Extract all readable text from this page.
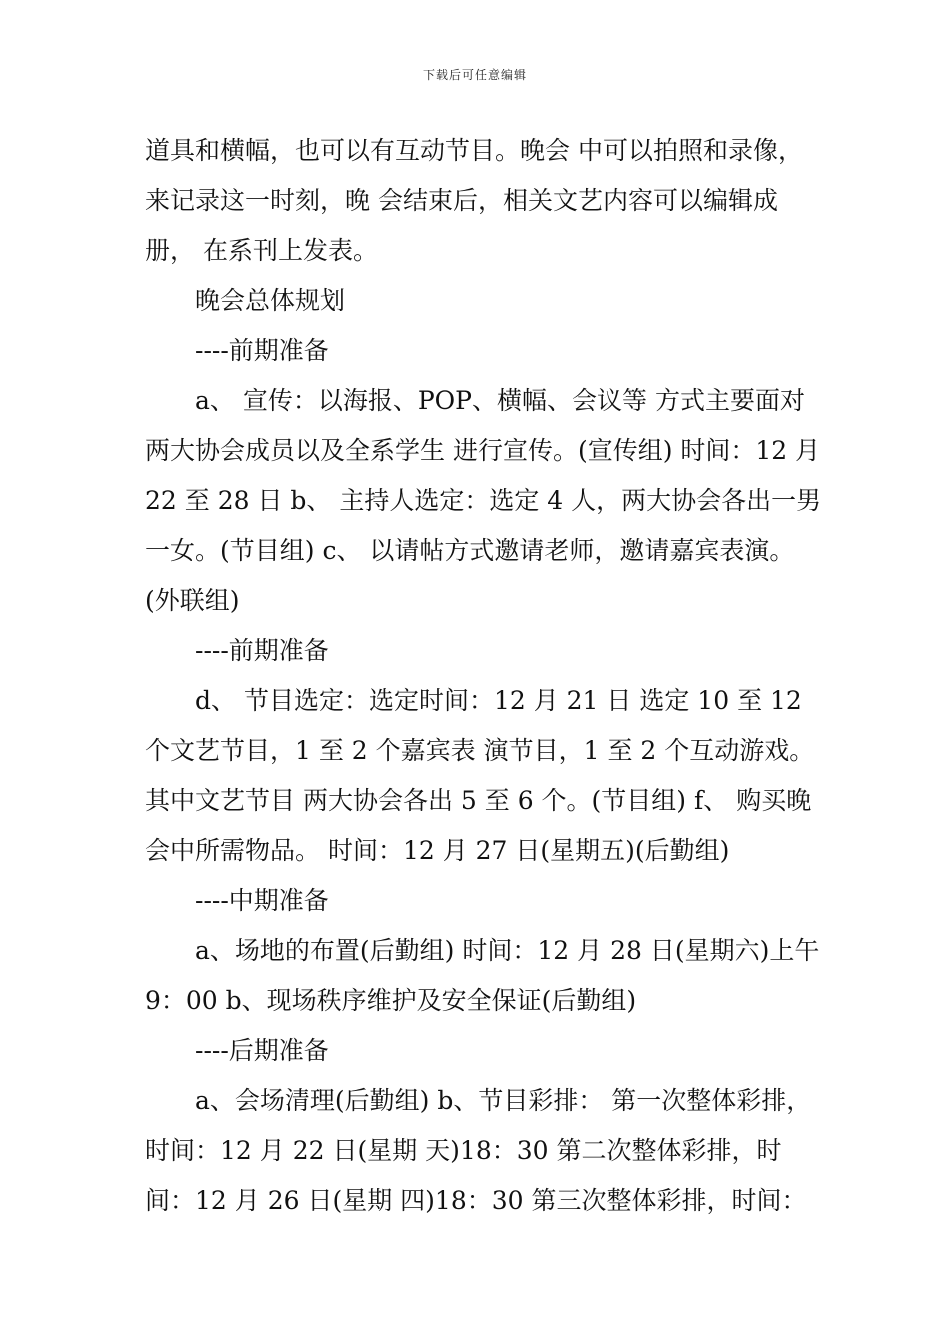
下载后可任意编辑

道具和横幅，也可以有互动节目。晚会 中可以拍照和录像，来记录这一时刻，晚 会结束后，相关文艺内容可以编辑成册， 在系刊上发表。

晚会总体规划

----前期准备

a、 宣传：以海报、POP、横幅、会议等 方式主要面对两大协会成员以及全系学生 进行宣传。(宣传组) 时间：12 月 22 至 28 日 b、 主持人选定：选定 4 人，两大协会各出一男一女。(节目组) c、 以请帖方式邀请老师，邀请嘉宾表演。 (外联组)

----前期准备

d、 节目选定：选定时间：12 月 21 日 选定 10 至 12 个文艺节目，1 至 2 个嘉宾表 演节目，1 至 2 个互动游戏。其中文艺节目 两大协会各出 5 至 6 个。(节目组) f、 购买晚会中所需物品。 时间：12 月 27 日(星期五)(后勤组)

----中期准备

a、场地的布置(后勤组) 时间：12 月 28 日(星期六)上午 9：00 b、现场秩序维护及安全保证(后勤组)

----后期准备

a、会场清理(后勤组) b、节目彩排： 第一次整体彩排，时间：12 月 22 日(星期 天)18：30 第二次整体彩排，时间：12 月 26 日(星期 四)18：30 第三次整体彩排，时间：
